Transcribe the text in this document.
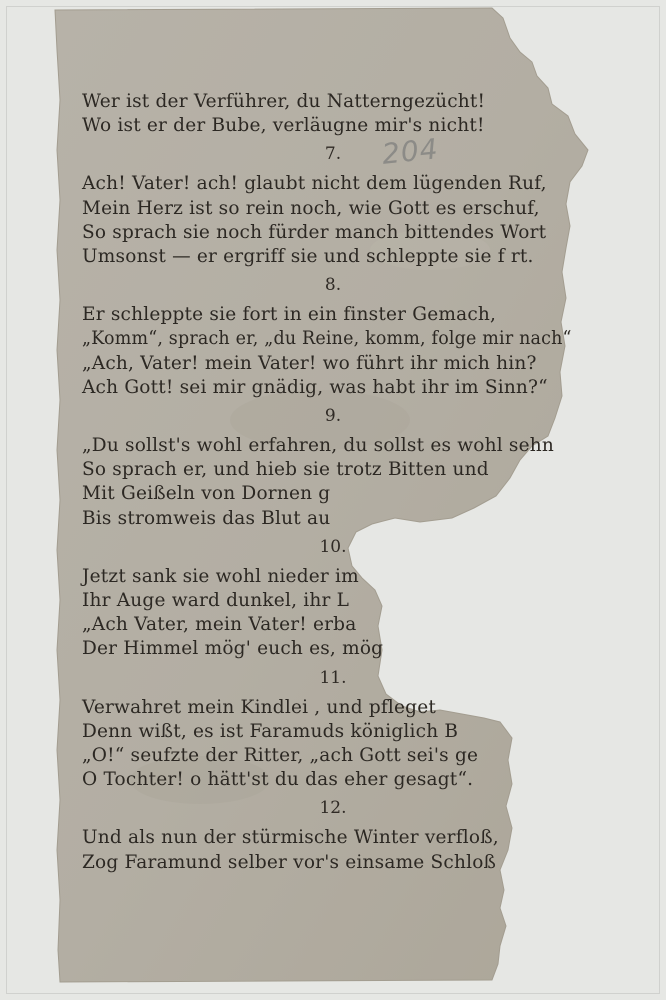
Wer ist der Verführer, du Natterngezücht!
Wo ist er der Bube, verläugne mir's nicht!
7.
Ach! Vater! ach! glaubt nicht dem lügenden Ruf,
Mein Herz ist so rein noch, wie Gott es erschuf,
So sprach sie noch fürder manch bittendes Wort
Umsonst — er ergriff sie und schleppte sie f rt.
8.
Er schleppte sie fort in ein finster Gemach,
„Komm“, sprach er, „du Reine, komm, folge mir nach“
„Ach, Vater! mein Vater! wo führt ihr mich hin?
Ach Gott! sei mir gnädig, was habt ihr im Sinn?“
9.
„Du sollst's wohl erfahren, du sollst es wohl sehn
So sprach er, und hieb sie trotz Bitten und
Mit Geißeln von Dornen g
Bis stromweis das Blut au
10.
Jetzt sank sie wohl nieder im
Ihr Auge ward dunkel, ihr L
„Ach Vater, mein Vater! erba
Der Himmel mög' euch es, mög
11.
Verwahret mein Kindlei , und pfleget
Denn wißt, es ist Faramuds königlich B
„O!“ seufzte der Ritter, „ach Gott sei's ge
O Tochter! o hätt'st du das eher gesagt“.
12.
Und als nun der stürmische Winter verfloß,
Zog Faramund selber vor's einsame Schloß
204
